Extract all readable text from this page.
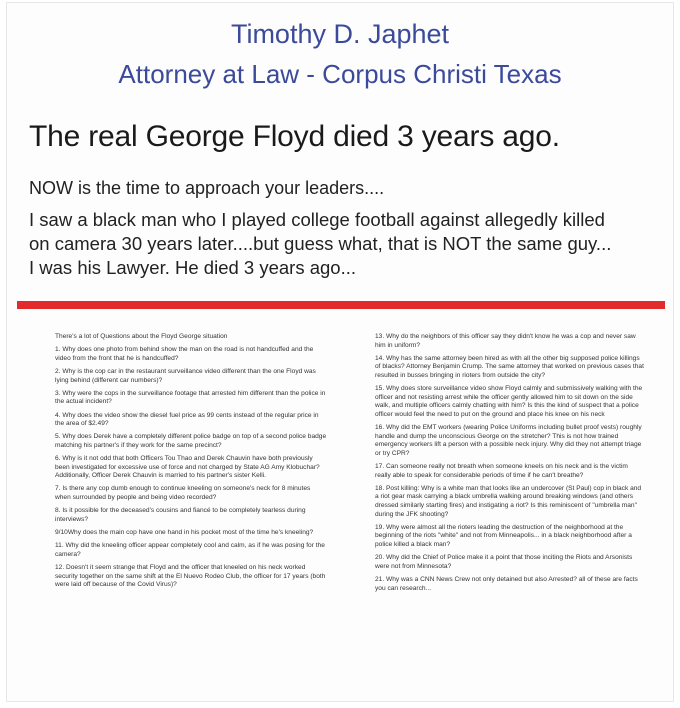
Timothy D. Japhet
Attorney at Law - Corpus Christi Texas
The real George Floyd died 3 years ago.
NOW is the time to approach your leaders....

I saw a black man who I played college football against allegedly killed

on camera 30 years later....but guess what, that is NOT the same guy...

I was his Lawyer. He died 3 years ago...

There's a lot of Questions about the Floyd George situation

1. Why does one photo from behind show the man on the road is not handcuffed and the video from the front that he is handcuffed?

2. Why is the cop car in the restaurant surveillance video different than the one Floyd was lying behind (different car numbers)?

3. Why were the cops in the surveillance footage that arrested him different than the police in the actual incident?

4. Why does the video show the diesel fuel price as 99 cents instead of the regular price in the area of $2.49?

5. Why does Derek have a completely different police badge on top of a second police badge matching his partner's if they work for the same precinct?

6. Why is it not odd that both Officers Tou Thao and Derek Chauvin have both previously been investigated for excessive use of force and not charged by State AG Amy Klobuchar? Additionally, Officer Derek Chauvin is married to his partner's sister Kelli.

7. Is there any cop dumb enough to continue kneeling on someone's neck for 8 minutes when surrounded by people and being video recorded?

8. Is it possible for the deceased's cousins and fiancé to be completely tearless during interviews?

9/10Why does the main cop have one hand in his pocket most of the time he's kneeling?

11. Why did the kneeling officer appear completely cool and calm, as if he was posing for the camera?

12. Doesn't it seem strange that Floyd and the officer that kneeled on his neck worked security together on the same shift at the El Nuevo Rodeo Club, the officer for 17 years (both were laid off because of the Covid Virus)?

13. Why do the neighbors of this officer say they didn't know he was a cop and never saw him in uniform?

14. Why has the same attorney been hired as with all the other big supposed police killings of blacks? Attorney Benjamin Crump. The same attorney that worked on previous cases that resulted in busses bringing in rioters from outside the city?

15. Why does store surveillance video show Floyd calmly and submissively walking with the officer and not resisting arrest while the officer gently allowed him to sit down on the side walk, and multiple officers calmly chatting with him? Is this the kind of suspect that a police officer would feel the need to put on the ground and place his knee on his neck

16. Why did the EMT workers (wearing Police Uniforms including bullet proof vests) roughly handle and dump the unconscious George on the stretcher? This is not how trained emergency workers lift a person with a possible neck injury. Why did they not attempt triage or try CPR?

17. Can someone really not breath when someone kneels on his neck and is the victim really able to speak for considerable periods of time if he can't breathe?

18. Post killing: Why is a white man that looks like an undercover (St Paul) cop in black and a riot gear mask carrying a black umbrella walking around breaking windows (and others dressed similarly starting fires) and instigating a riot? Is this reminiscent of "umbrella man" during the JFK shooting?

19. Why were almost all the rioters leading the destruction of the neighborhood at the beginning of the riots "white" and not from Minneapolis... in a black neighborhood after a police killed a black man?

20. Why did the Chief of Police make it a point that those inciting the Riots and Arsonists were not from Minnesota?

21. Why was a CNN News Crew not only detained but also Arrested? all of these are facts you can research...
